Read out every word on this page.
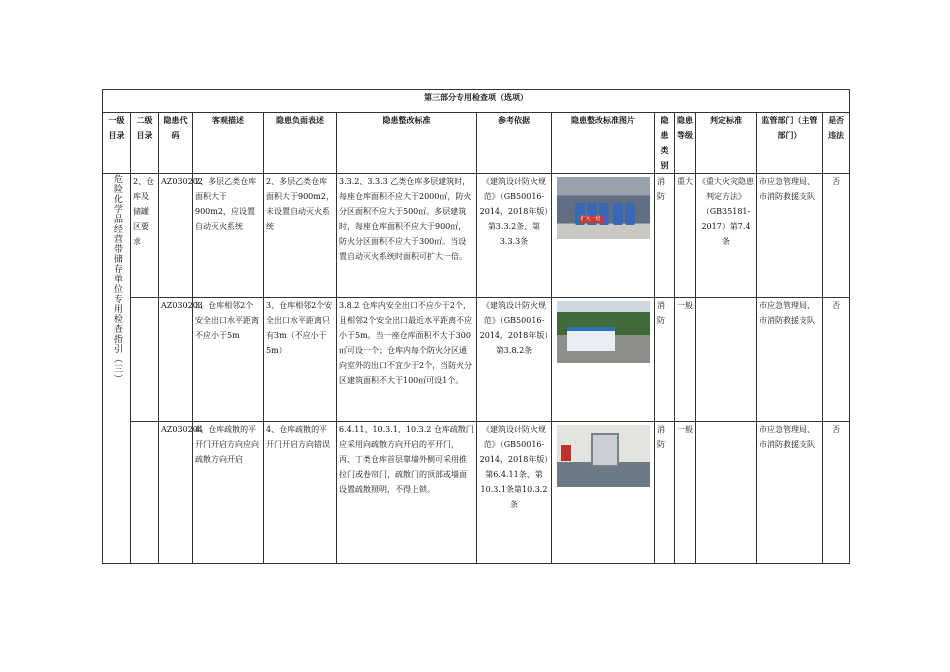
第三部分专用检查项（选项）												
一级目录	二级目录	隐患代码	客观描述	隐患负面表述	隐患整改标准	参考依据	隐患整改标准图片	隐患类别	隐患等级	判定标准	监管部门（主管部门）	是否违法
危险化学品经营带储存单位专用检查指引（三）	2、仓库及储罐区要求	AZ030202	2、多层乙类仓库面积大于900m2，应设置自动灭火系统	2、多层乙类仓库面积大于900m2，未设置自动灭火系统	3.3.2、3.3.3 乙类仓库多层建筑时，每座仓库面积不应大于2000㎡，防火分区面积不应大于500㎡。多层建筑时，每座仓库面积不应大于900㎡，防火分区面积不应大于300㎡。当设置自动灭火系统时面积可扩大一倍。	《建筑设计防火规范》（GB50016-2014，2018年版）第3.3.2条、第3.3.3条	扩大一倍	消防	重大	《重大火灾隐患判定方法》（GB35181-2017）第7.4条	市应急管理局、市消防救援支队	否
		AZ030203	3、仓库相邻2个安全出口水平距离不应小于5m	3、仓库相邻2个安全出口水平距离只有3m（不应小于5m）	3.8.2 仓库内安全出口不应少于2个，且相邻2个安全出口最近水平距离不应小于5m。当一座仓库面积不大于300㎡可设一个；仓库内每个防火分区通向室外的出口不宜少于2个，当防火分区建筑面积不大于100㎡可设1个。	《建筑设计防火规范》（GB50016-2014，2018年版）第3.8.2条		消防	一般		市应急管理局、市消防救援支队	否
		AZ030204	4、仓库疏散的平开门开启方向应向疏散方向开启	4、仓库疏散的平开门开启方向错误	6.4.11、10.3.1、10.3.2 仓库疏散门应采用向疏散方向开启的平开门，丙、丁类仓库首层靠墙外侧可采用推拉门或卷帘门，疏散门的顶部或墙面设置疏散照明，不得上锁。	《建筑设计防火规范》（GB50016-2014，2018年版）第6.4.11条、第10.3.1条第10.3.2条		消防	一般		市应急管理局、市消防救援支队	否
